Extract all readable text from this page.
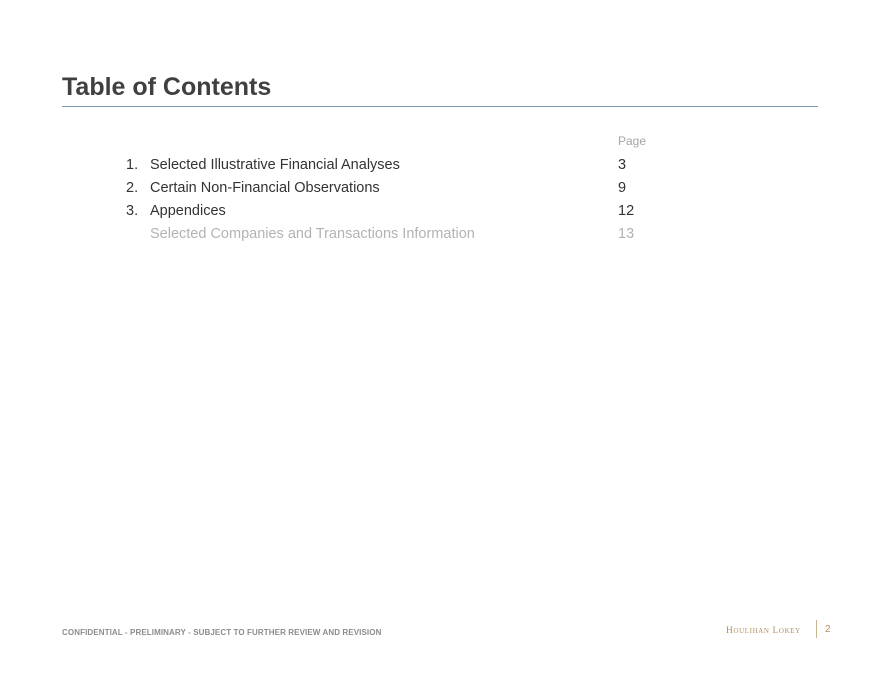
Table of Contents
Page
1. Selected Illustrative Financial Analyses	3
2. Certain Non-Financial Observations	9
3. Appendices	12
Selected Companies and Transactions Information	13
CONFIDENTIAL - PRELIMINARY - SUBJECT TO FURTHER REVIEW AND REVISION	Houlihan Lokey 2
